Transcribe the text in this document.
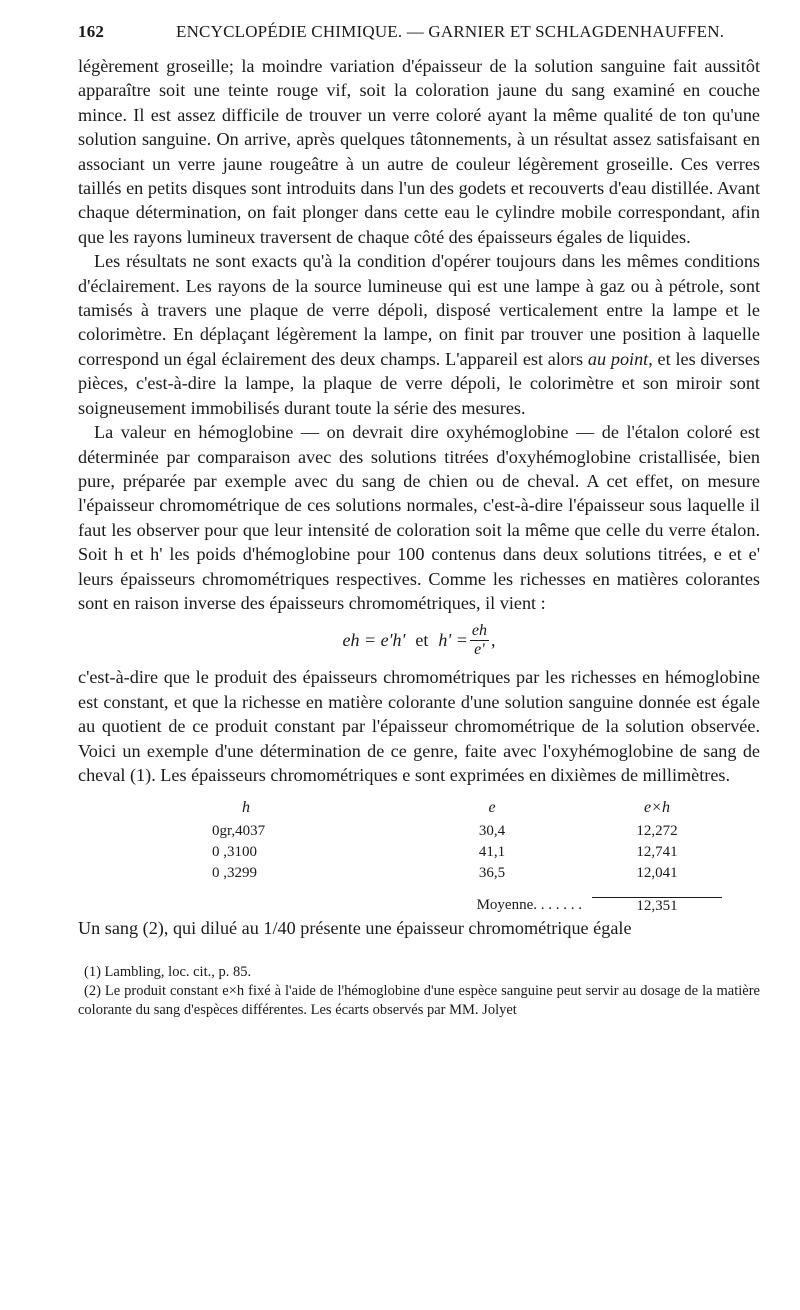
162	ENCYCLOPÉDIE CHIMIQUE. — GARNIER ET SCHLAGDENHAUFFEN.

légèrement groseille; la moindre variation d'épaisseur de la solution sanguine fait aussitôt apparaître soit une teinte rouge vif, soit la coloration jaune du sang examiné en couche mince. Il est assez difficile de trouver un verre coloré ayant la même qualité de ton qu'une solution sanguine. On arrive, après quelques tâtonnements, à un résultat assez satisfaisant en associant un verre jaune rougeâtre à un autre de couleur légèrement groseille. Ces verres taillés en petits disques sont introduits dans l'un des godets et recouverts d'eau distillée. Avant chaque détermination, on fait plonger dans cette eau le cylindre mobile correspondant, afin que les rayons lumineux traversent de chaque côté des épaisseurs égales de liquides.

Les résultats ne sont exacts qu'à la condition d'opérer toujours dans les mêmes conditions d'éclairement. Les rayons de la source lumineuse qui est une lampe à gaz ou à pétrole, sont tamisés à travers une plaque de verre dépoli, disposé verticalement entre la lampe et le colorimètre. En déplaçant légèrement la lampe, on finit par trouver une position à laquelle correspond un égal éclairement des deux champs. L'appareil est alors au point, et les diverses pièces, c'est-à-dire la lampe, la plaque de verre dépoli, le colorimètre et son miroir sont soigneusement immobilisés durant toute la série des mesures.

La valeur en hémoglobine — on devrait dire oxyhémoglobine — de l'étalon coloré est déterminée par comparaison avec des solutions titrées d'oxyhémoglobine cristallisée, bien pure, préparée par exemple avec du sang de chien ou de cheval. A cet effet, on mesure l'épaisseur chromométrique de ces solutions normales, c'est-à-dire l'épaisseur sous laquelle il faut les observer pour que leur intensité de coloration soit la même que celle du verre étalon. Soit h et h' les poids d'hémoglobine pour 100 contenus dans deux solutions titrées, e et e' leurs épaisseurs chromométriques respectives. Comme les richesses en matières colorantes sont en raison inverse des épaisseurs chromométriques, il vient :

eh = e'h' et $h' = \frac{eh}{e'}$ ,

c'est-à-dire que le produit des épaisseurs chromométriques par les richesses en hémoglobine est constant, et que la richesse en matière colorante d'une solution sanguine donnée est égale au quotient de ce produit constant par l'épaisseur chromométrique de la solution observée. Voici un exemple d'une détermination de ce genre, faite avec l'oxyhémoglobine de sang de cheval (1). Les épaisseurs chromométriques e sont exprimées en dixièmes de millimètres.

h	e	e×h
0gr,4037	30,4	12,272
0 ,3100	41,1	12,741
0 ,3299	36,5	12,041
	Moyenne. . . . . . .	12,351

Un sang (2), qui dilué au 1/40 présente une épaisseur chromométrique égale

(1) Lambling, loc. cit., p. 85.

(2) Le produit constant e×h fixé à l'aide de l'hémoglobine d'une espèce sanguine peut servir au dosage de la matière colorante du sang d'espèces différentes. Les écarts observés par MM. Jolyet
